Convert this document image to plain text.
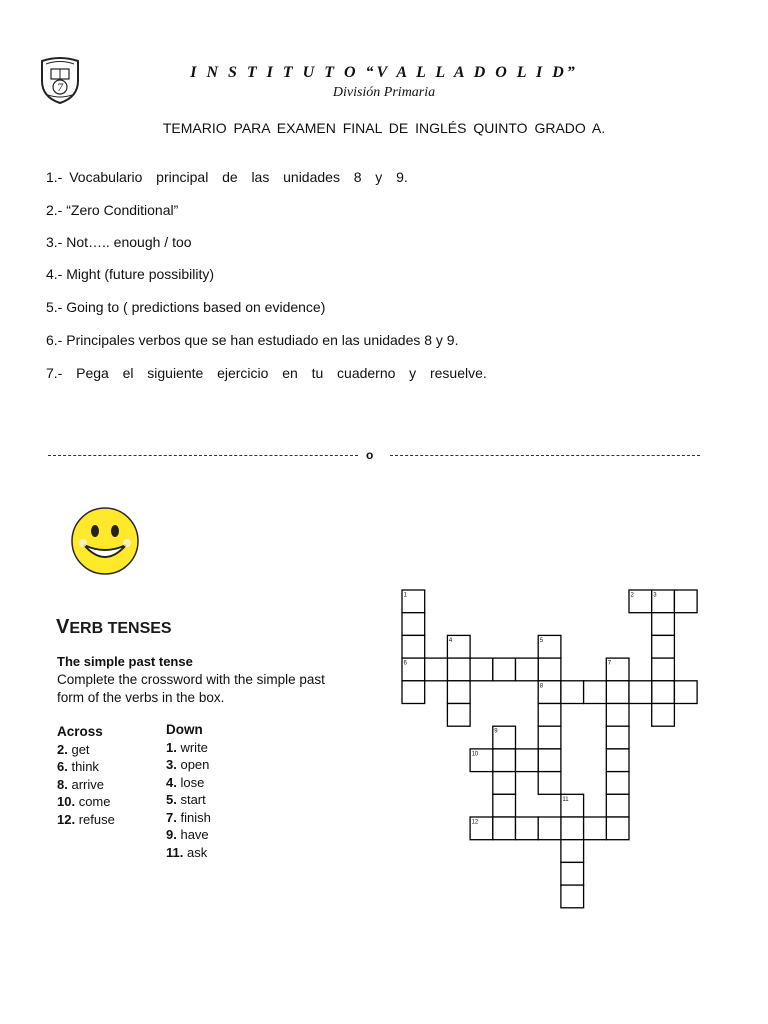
7
I N S T I T U T O “V A L L A D O L I D”
División Primaria
TEMARIO PARA EXAMEN FINAL DE INGLÉS QUINTO GRADO A.
1.- Vocabulario  principal  de  las  unidades  8  y  9.
2.- “Zero Conditional”
3.- Not….. enough / too
4.- Might (future possibility)
5.- Going to ( predictions based on evidence)
6.- Principales verbos que se han estudiado en las unidades 8 y 9.
7.-  Pega  el  siguiente  ejercicio  en  tu  cuaderno  y  resuelve.
o
VERB TENSES
The simple past tense
Complete the crossword with the simple past form of the verbs in the box.
Across
2. get
6. think
8. arrive
10. come
12. refuse
Down
1. write
3. open
4. lose
5. start
7. finish
9. have
11. ask
1
6
2	3
4	5
8
7
9
10
11
12
